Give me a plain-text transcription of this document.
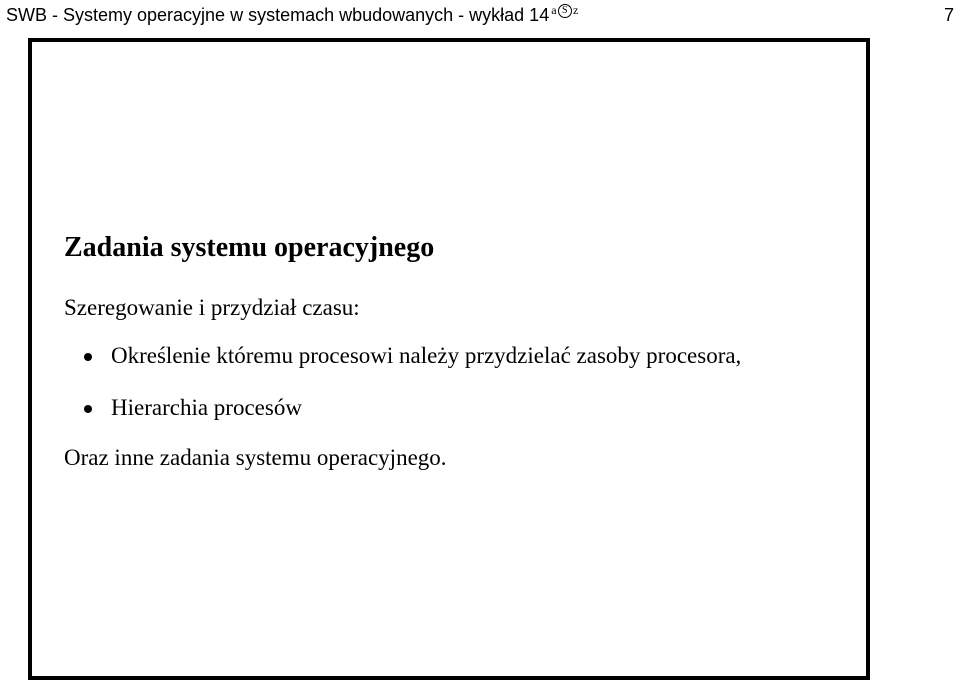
SWB - Systemy operacyjne w systemach wbudowanych - wykład 14 $^{a S z}$	7
Zadania systemu operacyjnego

Szeregowanie i przydział czasu:

Określenie któremu procesowi należy przydzielać zasoby procesora,
Hierarchia procesów

Oraz inne zadania systemu operacyjnego.
